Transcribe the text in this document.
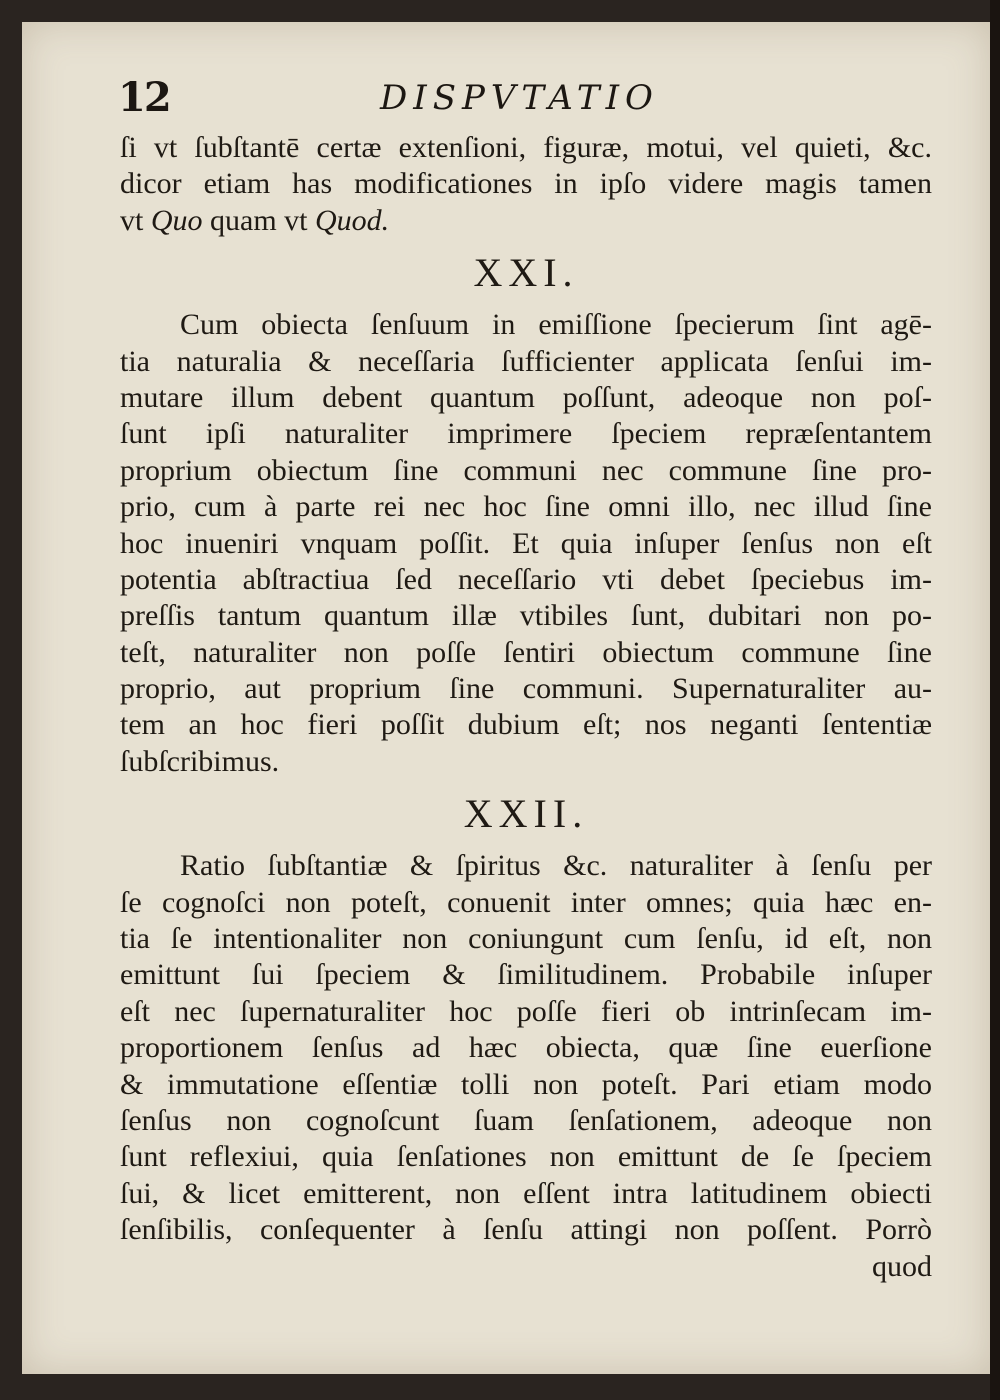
12	DISPVTATIO
ſi vt ſubſtantē certæ extenſioni, figuræ, motui, vel quieti, &c.
dicor etiam has modificationes in ipſo videre magis tamen
vt Quo quam vt Quod.
XXI.
Cum obiecta ſenſuum in emiſſione ſpecierum ſint agē-
tia naturalia & neceſſaria ſufficienter applicata ſenſui im-
mutare illum debent quantum poſſunt, adeoque non poſ-
ſunt ipſi naturaliter imprimere ſpeciem repræſentantem
proprium obiectum ſine communi nec commune ſine pro-
prio, cum à parte rei nec hoc ſine omni illo, nec illud ſine
hoc inueniri vnquam poſſit. Et quia inſuper ſenſus non eſt
potentia abſtractiua ſed neceſſario vti debet ſpeciebus im-
preſſis tantum quantum illæ vtibiles ſunt, dubitari non po-
teſt, naturaliter non poſſe ſentiri obiectum commune ſine
proprio, aut proprium ſine communi. Supernaturaliter au-
tem an hoc fieri poſſit dubium eſt; nos neganti ſententiæ
ſubſcribimus.
XXII.
Ratio ſubſtantiæ & ſpiritus &c. naturaliter à ſenſu per
ſe cognoſci non poteſt, conuenit inter omnes; quia hæc en-
tia ſe intentionaliter non coniungunt cum ſenſu, id eſt, non
emittunt ſui ſpeciem & ſimilitudinem. Probabile inſuper
eſt nec ſupernaturaliter hoc poſſe fieri ob intrinſecam im-
proportionem ſenſus ad hæc obiecta, quæ ſine euerſione
& immutatione eſſentiæ tolli non poteſt. Pari etiam modo
ſenſus non cognoſcunt ſuam ſenſationem, adeoque non
ſunt reflexiui, quia ſenſationes non emittunt de ſe ſpeciem
ſui, & licet emitterent, non eſſent intra latitudinem obiecti
ſenſibilis, conſequenter à ſenſu attingi non poſſent. Porrò
quod
